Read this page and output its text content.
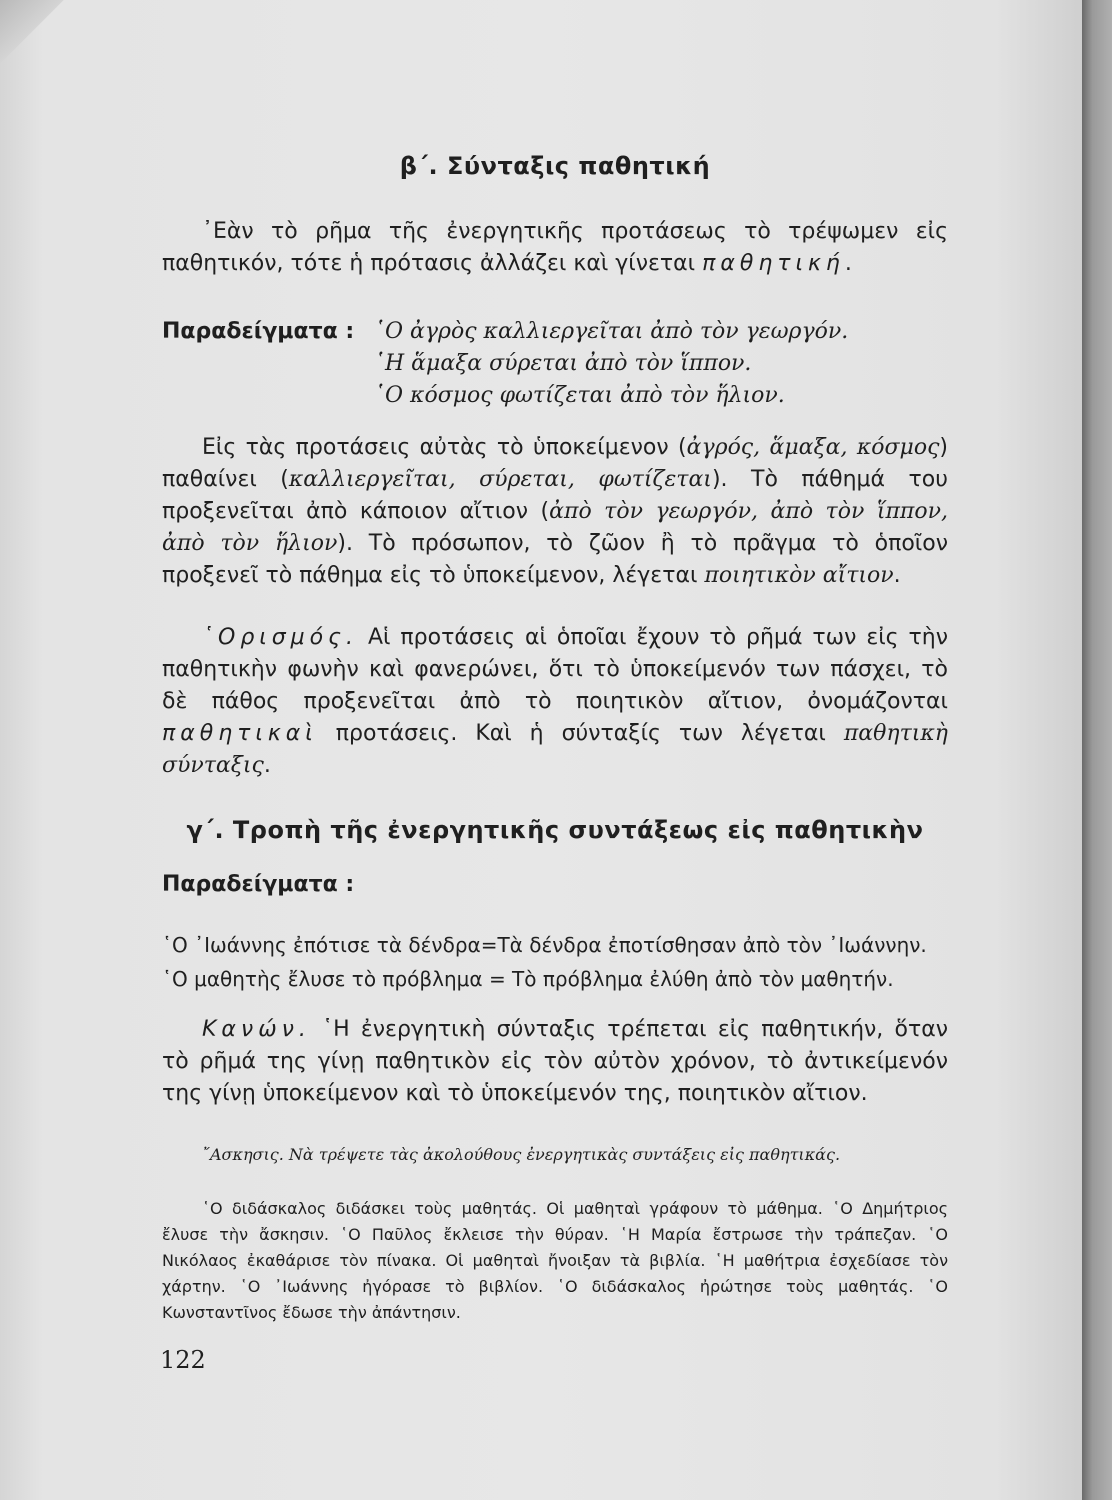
β΄. Σύνταξις παθητική

᾿Εὰν τὸ ρῆμα τῆς ἐνεργητικῆς προτάσεως τὸ τρέψωμεν εἰς παθητικόν, τότε ἡ πρότασις ἀλλάζει καὶ γίνεται παθητική.

Παραδείγματα :	῾Ο ἀγρὸς καλλιεργεῖται ἀπὸ τὸν γεωργόν.
	῾Η ἅμαξα σύρεται ἀπὸ τὸν ἵππον.
	῾Ο κόσμος φωτίζεται ἀπὸ τὸν ἥλιον.

Εἰς τὰς προτάσεις αὐτὰς τὸ ὑποκείμενον (ἀγρός, ἅμαξα, κόσμος) παθαίνει (καλλιεργεῖται, σύρεται, φωτίζεται). Τὸ πάθημά του προξενεῖται ἀπὸ κάποιον αἴτιον (ἀπὸ τὸν γεωργόν, ἀπὸ τὸν ἵππον, ἀπὸ τὸν ἥλιον). Τὸ πρόσωπον, τὸ ζῶον ἢ τὸ πρᾶγμα τὸ ὁποῖον προξενεῖ τὸ πάθημα εἰς τὸ ὑποκείμενον, λέγεται ποιητικὸν αἴτιον.

῾Ορισμός. Αἱ προτάσεις αἱ ὁποῖαι ἔχουν τὸ ρῆμά των εἰς τὴν παθητικὴν φωνὴν καὶ φανερώνει, ὅτι τὸ ὑποκείμενόν των πάσχει, τὸ δὲ πάθος προξενεῖται ἀπὸ τὸ ποιητικὸν αἴτιον, ὀνομάζονται παθητικαὶ προτάσεις. Καὶ ἡ σύνταξίς των λέγεται παθητικὴ σύνταξις.

γ΄. Τροπὴ τῆς ἐνεργητικῆς συντάξεως εἰς παθητικὴν

Παραδείγματα :

῾Ο ᾿Ιωάννης ἐπότισε τὰ δένδρα=Τὰ δένδρα ἐποτίσθησαν ἀπὸ τὸν ᾿Ιωάννην.

῾Ο μαθητὴς ἔλυσε τὸ πρόβλημα = Τὸ πρόβλημα ἐλύθη ἀπὸ τὸν μαθητήν.

Κανών. ῾Η ἐνεργητικὴ σύνταξις τρέπεται εἰς παθητικήν, ὅταν τὸ ρῆμά της γίνῃ παθητικὸν εἰς τὸν αὐτὸν χρόνον, τὸ ἀντικείμενόν της γίνῃ ὑποκείμενον καὶ τὸ ὑποκείμενόν της, ποιητικὸν αἴτιον.

῎Ασκησις. Νὰ τρέψετε τὰς ἀκολούθους ἐνεργητικὰς συντάξεις εἰς παθητικάς.

῾Ο διδάσκαλος διδάσκει τοὺς μαθητάς. Οἱ μαθηταὶ γράφουν τὸ μάθημα. ῾Ο Δημήτριος ἔλυσε τὴν ἄσκησιν. ῾Ο Παῦλος ἔκλεισε τὴν θύραν. ῾Η Μαρία ἔστρωσε τὴν τράπεζαν. ῾Ο Νικόλαος ἐκαθάρισε τὸν πίνακα. Οἱ μαθηταὶ ἤνοιξαν τὰ βιβλία. ῾Η μαθήτρια ἐσχεδίασε τὸν χάρτην. ῾Ο ᾿Ιωάννης ἠγόρασε τὸ βιβλίον. ῾Ο διδάσκαλος ἠρώτησε τοὺς μαθητάς. ῾Ο Κωνσταντῖνος ἔδωσε τὴν ἀπάντησιν.

122
